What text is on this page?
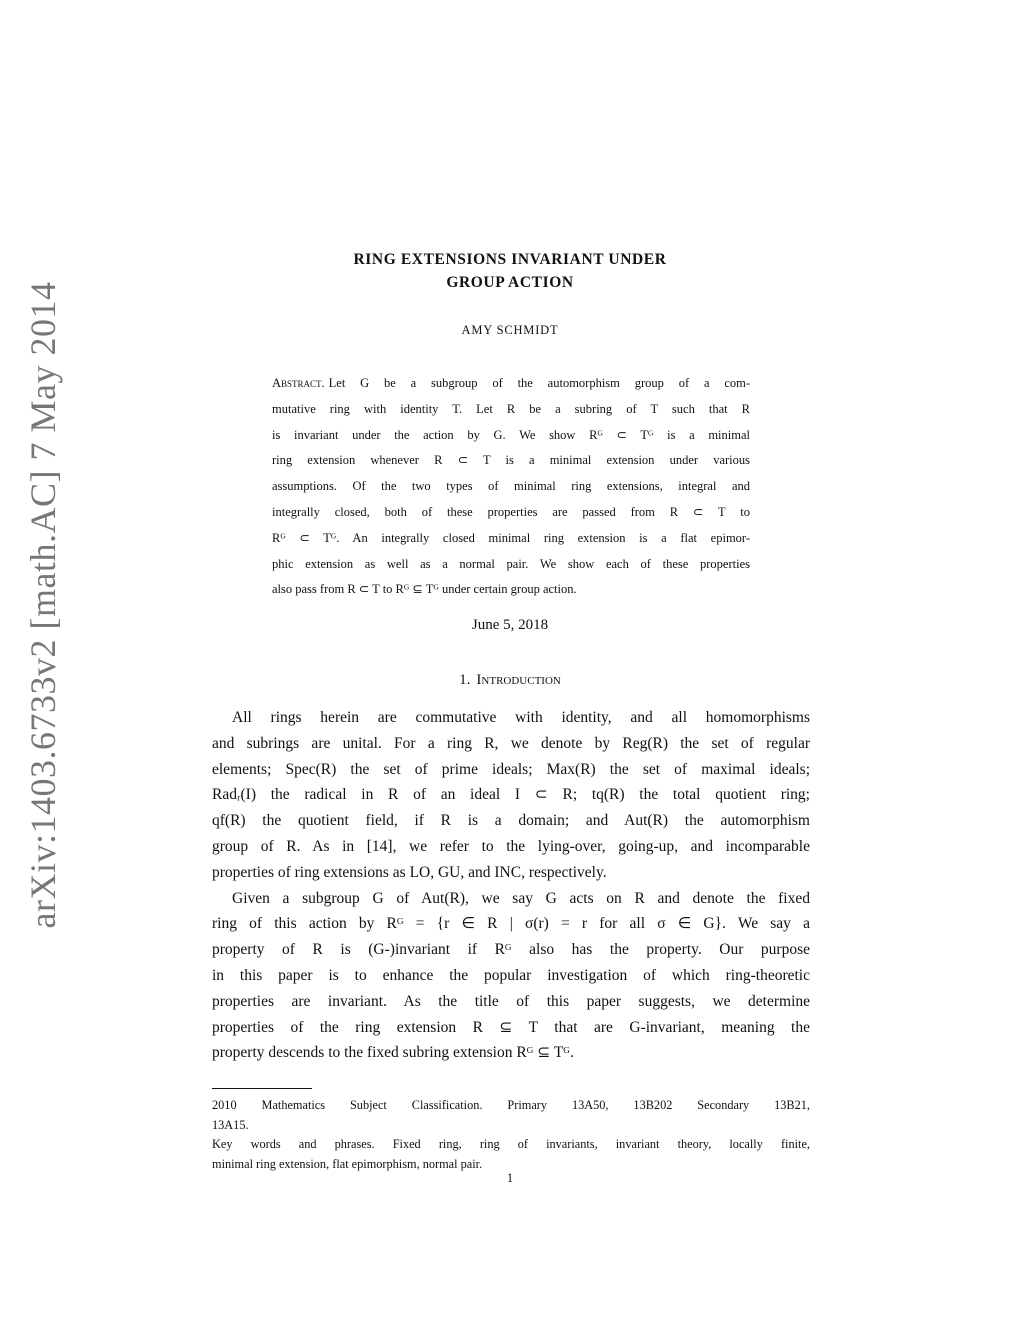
arXiv:1403.6733v2 [math.AC] 7 May 2014
RING EXTENSIONS INVARIANT UNDER
GROUP ACTION
AMY SCHMIDT
Abstract. Let G be a subgroup of the automorphism group of a com-
mutative ring with identity T. Let R be a subring of T such that R
is invariant under the action by G. We show Rᴳ ⊂ Tᴳ is a minimal
ring extension whenever R ⊂ T is a minimal extension under various
assumptions. Of the two types of minimal ring extensions, integral and
integrally closed, both of these properties are passed from R ⊂ T to
Rᴳ ⊂ Tᴳ. An integrally closed minimal ring extension is a flat epimor-
phic extension as well as a normal pair. We show each of these properties
also pass from R ⊂ T to Rᴳ ⊆ Tᴳ under certain group action.
June 5, 2018
1. Introduction
All rings herein are commutative with identity, and all homomorphisms
and subrings are unital. For a ring R, we denote by Reg(R) the set of regular
elements; Spec(R) the set of prime ideals; Max(R) the set of maximal ideals;
Radᵣ(I) the radical in R of an ideal I ⊂ R; tq(R) the total quotient ring;
qf(R) the quotient field, if R is a domain; and Aut(R) the automorphism
group of R. As in [14], we refer to the lying-over, going-up, and incomparable
properties of ring extensions as LO, GU, and INC, respectively.
Given a subgroup G of Aut(R), we say G acts on R and denote the fixed
ring of this action by Rᴳ = {r ∈ R | σ(r) = r for all σ ∈ G}. We say a
property of R is (G-)invariant if Rᴳ also has the property. Our purpose
in this paper is to enhance the popular investigation of which ring-theoretic
properties are invariant. As the title of this paper suggests, we determine
properties of the ring extension R ⊆ T that are G-invariant, meaning the
property descends to the fixed subring extension Rᴳ ⊆ Tᴳ.
2010 Mathematics Subject Classification. Primary 13A50, 13B202 Secondary 13B21,
13A15.
Key words and phrases. Fixed ring, ring of invariants, invariant theory, locally finite,
minimal ring extension, flat epimorphism, normal pair.
1
